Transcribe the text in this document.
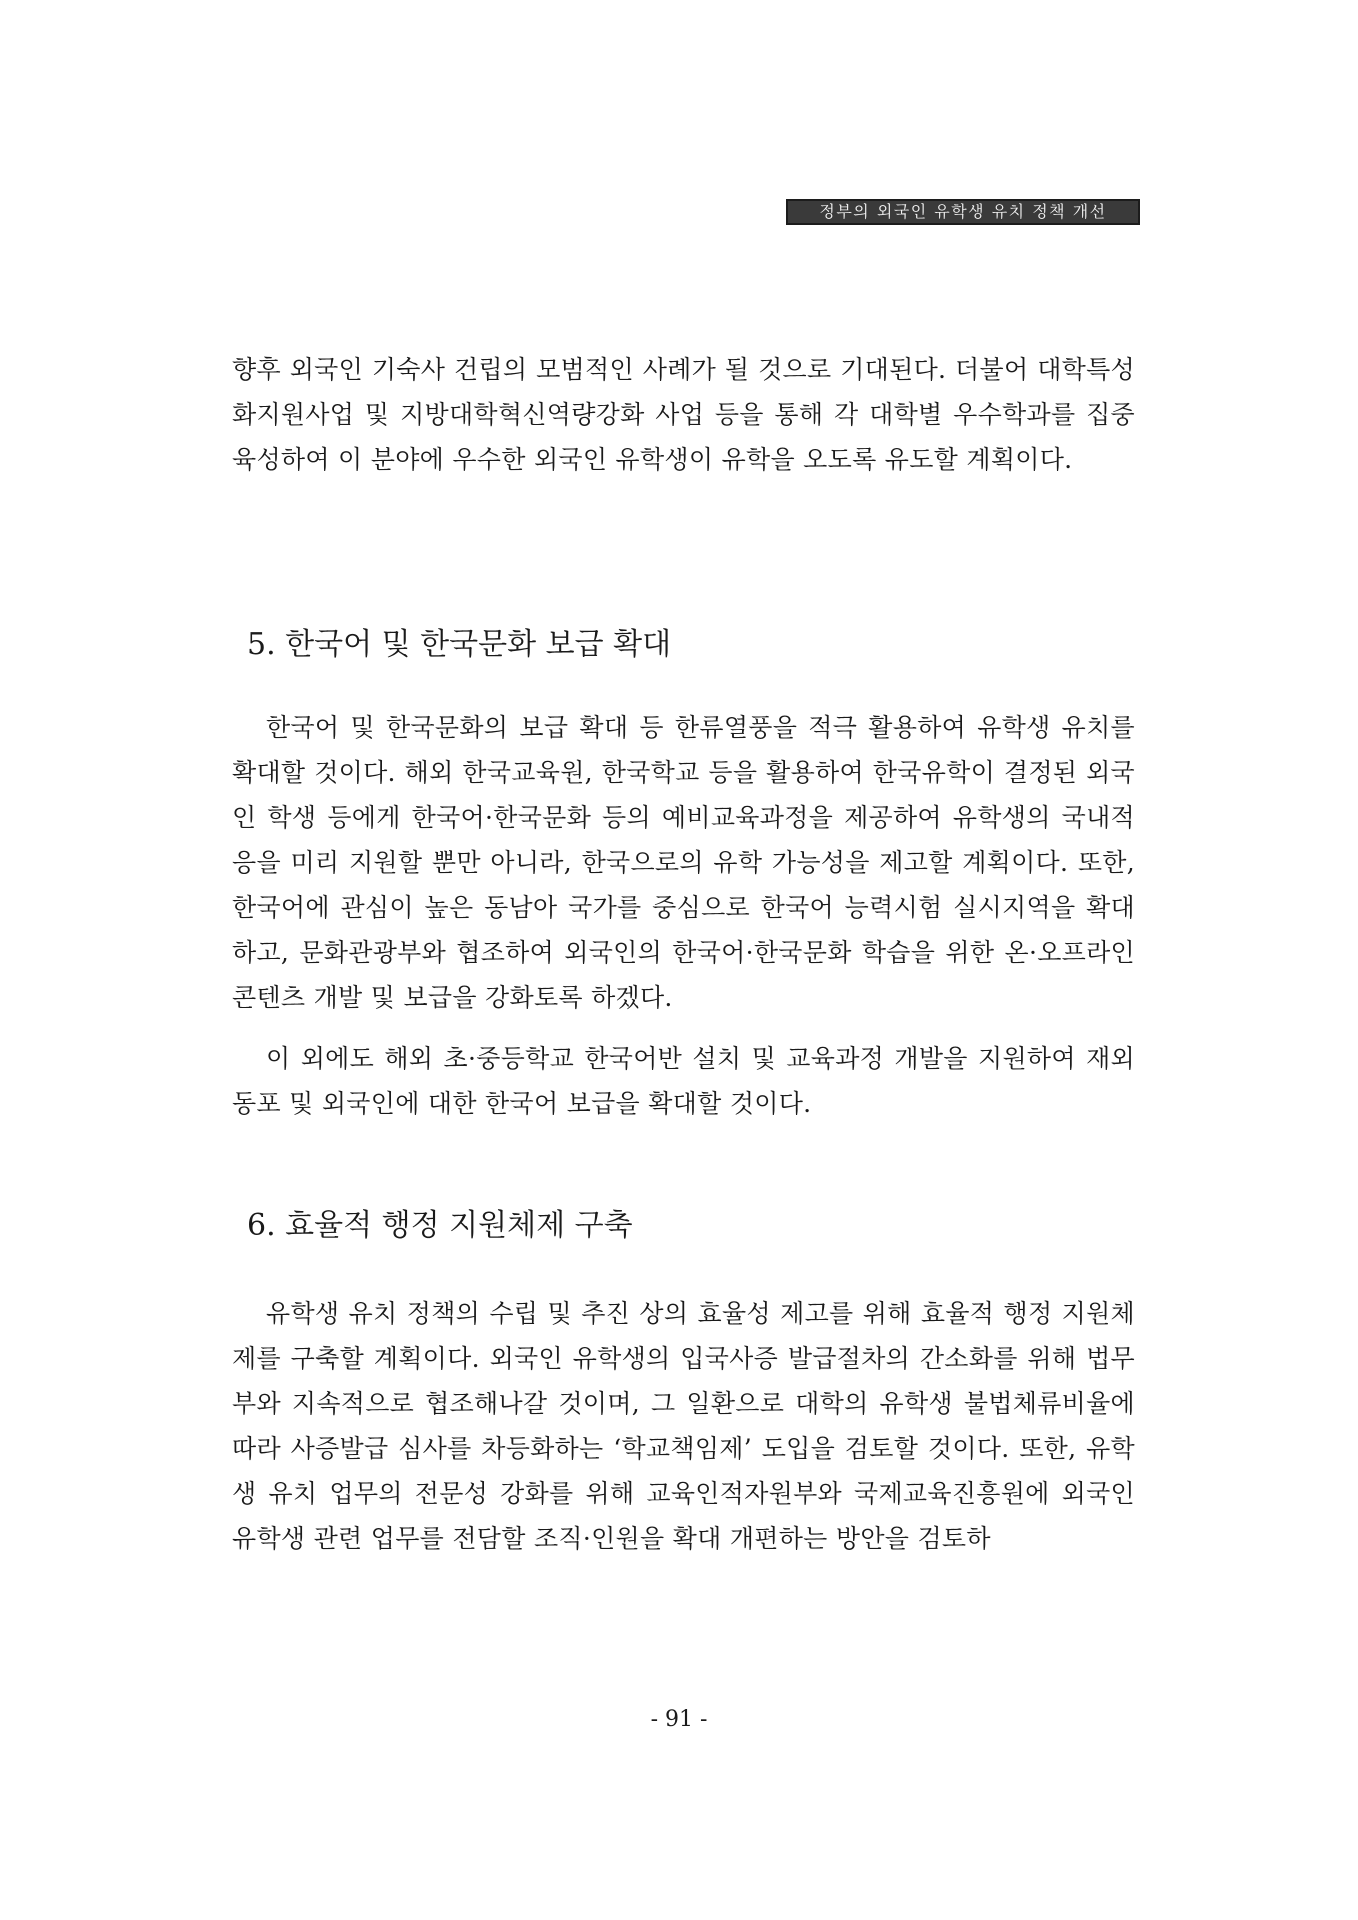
정부의 외국인 유학생 유치 정책 개선

향후 외국인 기숙사 건립의 모범적인 사례가 될 것으로 기대된다. 더불어 대학특성화지원사업 및 지방대학혁신역량강화 사업 등을 통해 각 대학별 우수학과를 집중 육성하여 이 분야에 우수한 외국인 유학생이 유학을 오도록 유도할 계획이다.

5. 한국어 및 한국문화 보급 확대

한국어 및 한국문화의 보급 확대 등 한류열풍을 적극 활용하여 유학생 유치를 확대할 것이다. 해외 한국교육원, 한국학교 등을 활용하여 한국유학이 결정된 외국인 학생 등에게 한국어·한국문화 등의 예비교육과정을 제공하여 유학생의 국내적응을 미리 지원할 뿐만 아니라, 한국으로의 유학 가능성을 제고할 계획이다. 또한, 한국어에 관심이 높은 동남아 국가를 중심으로 한국어 능력시험 실시지역을 확대하고, 문화관광부와 협조하여 외국인의 한국어·한국문화 학습을 위한 온·오프라인 콘텐츠 개발 및 보급을 강화토록 하겠다.

이 외에도 해외 초·중등학교 한국어반 설치 및 교육과정 개발을 지원하여 재외동포 및 외국인에 대한 한국어 보급을 확대할 것이다.

6. 효율적 행정 지원체제 구축

유학생 유치 정책의 수립 및 추진 상의 효율성 제고를 위해 효율적 행정 지원체제를 구축할 계획이다. 외국인 유학생의 입국사증 발급절차의 간소화를 위해 법무부와 지속적으로 협조해나갈 것이며, 그 일환으로 대학의 유학생 불법체류비율에 따라 사증발급 심사를 차등화하는 ‘학교책임제’ 도입을 검토할 것이다. 또한, 유학생 유치 업무의 전문성 강화를 위해 교육인적자원부와 국제교육진흥원에 외국인 유학생 관련 업무를 전담할 조직·인원을 확대 개편하는 방안을 검토하

- 91 -
